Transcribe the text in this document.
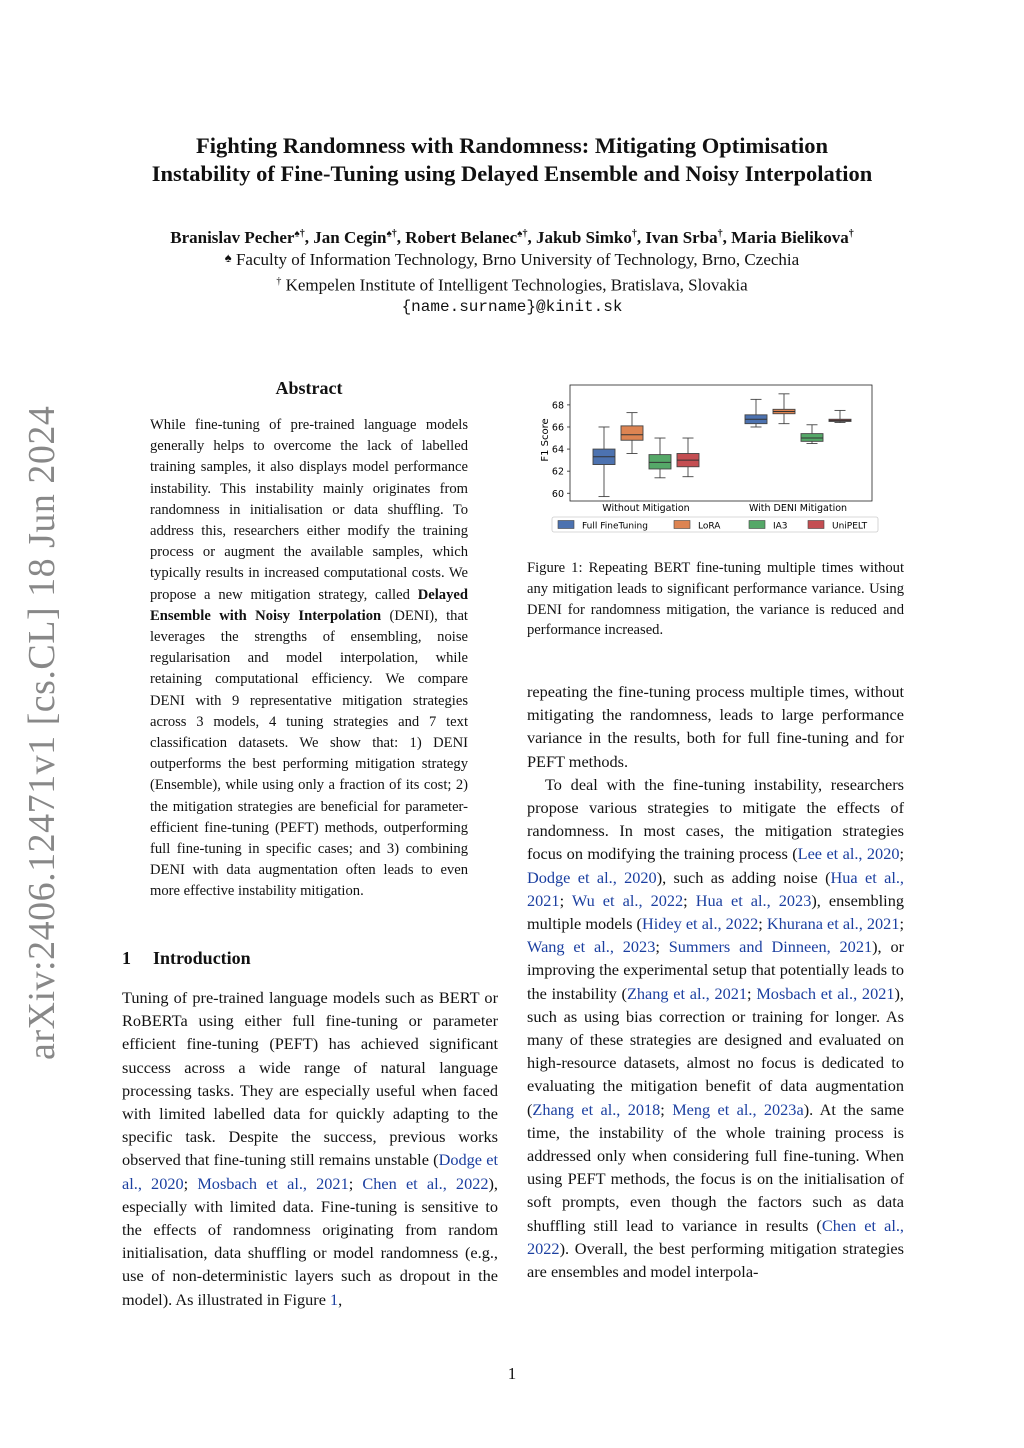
Fighting Randomness with Randomness: Mitigating Optimisation
Instability of Fine-Tuning using Delayed Ensemble and Noisy Interpolation
Branislav Pecher♠†, Jan Cegin♠†, Robert Belanec♠†, Jakub Simko†, Ivan Srba†, Maria Bielikova†
♠ Faculty of Information Technology, Brno University of Technology, Brno, Czechia
† Kempelen Institute of Intelligent Technologies, Bratislava, Slovakia
{name.surname}@kinit.sk
arXiv:2406.12471v1 [cs.CL] 18 Jun 2024
Abstract
While fine-tuning of pre-trained language models generally helps to overcome the lack of labelled training samples, it also displays model performance instability. This instability mainly originates from randomness in initialisation or data shuffling. To address this, researchers either modify the training process or augment the available samples, which typically results in increased computational costs. We propose a new mitigation strategy, called Delayed Ensemble with Noisy Interpolation (DENI), that leverages the strengths of ensembling, noise regularisation and model interpolation, while retaining computational efficiency. We compare DENI with 9 representative mitigation strategies across 3 models, 4 tuning strategies and 7 text classification datasets. We show that: 1) DENI outperforms the best performing mitigation strategy (Ensemble), while using only a fraction of its cost; 2) the mitigation strategies are beneficial for parameter-efficient fine-tuning (PEFT) methods, outperforming full fine-tuning in specific cases; and 3) combining DENI with data augmentation often leads to even more effective instability mitigation.
1 Introduction

Tuning of pre-trained language models such as BERT or RoBERTa using either full fine-tuning or parameter efficient fine-tuning (PEFT) has achieved significant success across a wide range of natural language processing tasks. They are especially useful when faced with limited labelled data for quickly adapting to the specific task. Despite the success, previous works observed that fine-tuning still remains unstable (Dodge et al., 2020; Mosbach et al., 2021; Chen et al., 2022), especially with limited data. Fine-tuning is sensitive to the effects of randomness originating from random initialisation, data shuffling or model randomness (e.g., use of non-deterministic layers such as dropout in the model). As illustrated in Figure 1,

60
62
64
66
68
F1 Score
Without Mitigation	With DENI Mitigation
Full FineTuning	LoRA	IA3	UniPELT
Figure 1: Repeating BERT fine-tuning multiple times without any mitigation leads to significant performance variance. Using DENI for randomness mitigation, the variance is reduced and performance increased.

repeating the fine-tuning process multiple times, without mitigating the randomness, leads to large performance variance in the results, both for full fine-tuning and for PEFT methods.

To deal with the fine-tuning instability, researchers propose various strategies to mitigate the effects of randomness. In most cases, the mitigation strategies focus on modifying the training process (Lee et al., 2020; Dodge et al., 2020), such as adding noise (Hua et al., 2021; Wu et al., 2022; Hua et al., 2023), ensembling multiple models (Hidey et al., 2022; Khurana et al., 2021; Wang et al., 2023; Summers and Dinneen, 2021), or improving the experimental setup that potentially leads to the instability (Zhang et al., 2021; Mosbach et al., 2021), such as using bias correction or training for longer. As many of these strategies are designed and evaluated on high-resource datasets, almost no focus is dedicated to evaluating the mitigation benefit of data augmentation (Zhang et al., 2018; Meng et al., 2023a). At the same time, the instability of the whole training process is addressed only when considering full fine-tuning. When using PEFT methods, the focus is on the initialisation of soft prompts, even though the factors such as data shuffling still lead to variance in results (Chen et al., 2022). Overall, the best performing mitigation strategies are ensembles and model interpola-

1
